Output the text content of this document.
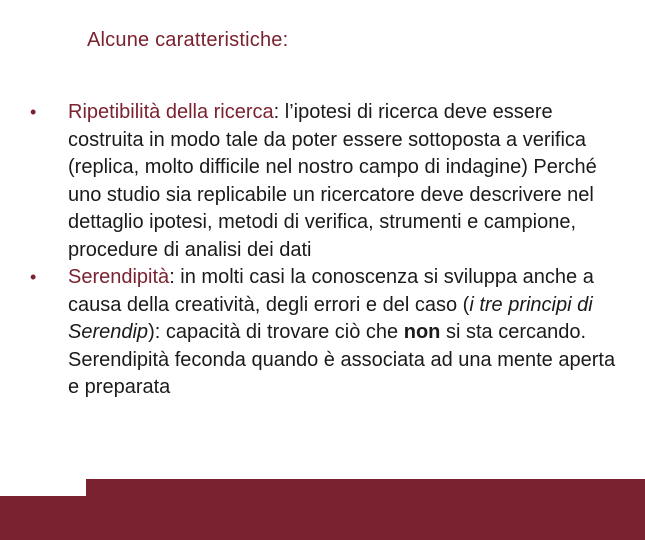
Alcune caratteristiche:
•	Ripetibilità della ricerca: l’ipotesi di ricerca deve essere costruita in modo tale da poter essere sottoposta a verifica (replica, molto difficile nel nostro campo di indagine) Perché uno studio sia replicabile un ricercatore deve descrivere nel dettaglio ipotesi, metodi di verifica, strumenti e campione, procedure di analisi dei dati
•	Serendipità: in molti casi la conoscenza si sviluppa anche a causa della creatività, degli errori e del caso (i tre principi di Serendip): capacità di trovare ciò che non si sta cercando. Serendipità feconda quando è associata ad una mente aperta e preparata
